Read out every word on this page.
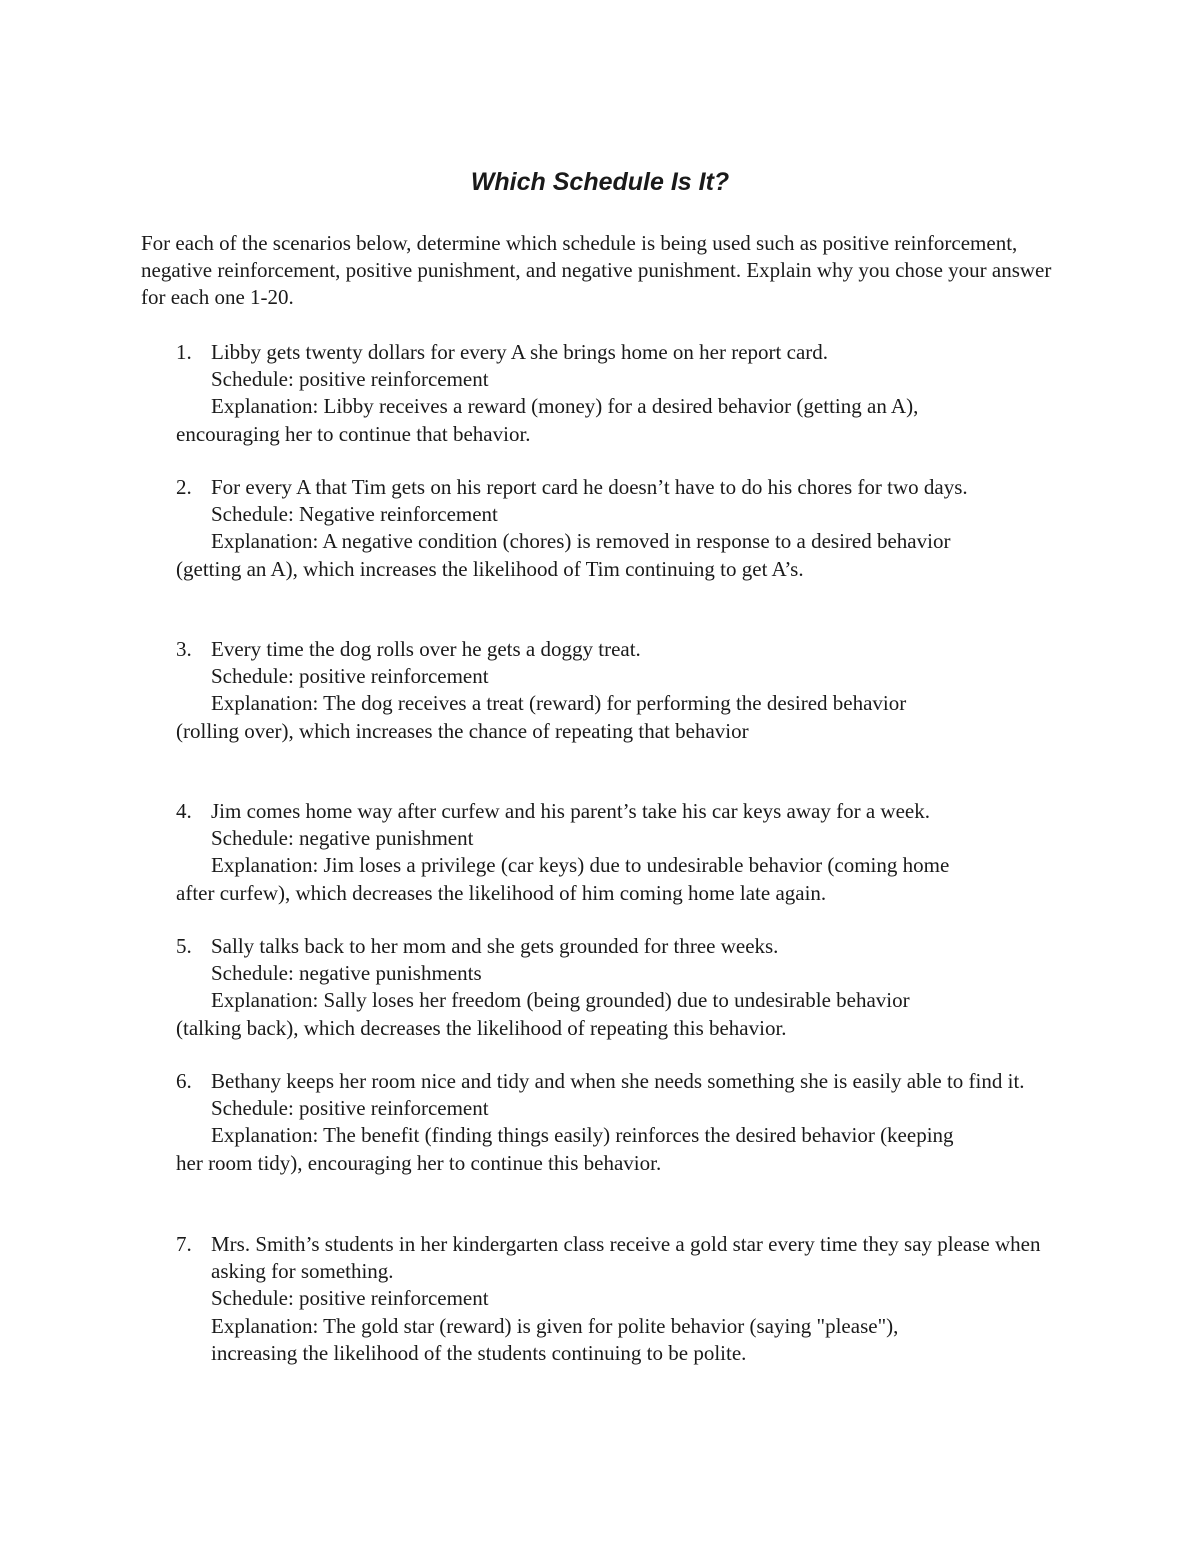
Which Schedule Is It?

For each of the scenarios below, determine which schedule is being used such as positive reinforcement, negative reinforcement, positive punishment, and negative punishment. Explain why you chose your answer for each one 1-20.

1. Libby gets twenty dollars for every A she brings home on her report card.
Schedule: positive reinforcement
Explanation: Libby receives a reward (money) for a desired behavior (getting an A),
encouraging her to continue that behavior.
2. For every A that Tim gets on his report card he doesn’t have to do his chores for two days.
Schedule: Negative reinforcement
Explanation: A negative condition (chores) is removed in response to a desired behavior
(getting an A), which increases the likelihood of Tim continuing to get A’s.
3. Every time the dog rolls over he gets a doggy treat.
Schedule: positive reinforcement
Explanation: The dog receives a treat (reward) for performing the desired behavior
(rolling over), which increases the chance of repeating that behavior
4. Jim comes home way after curfew and his parent’s take his car keys away for a week.
Schedule: negative punishment
Explanation: Jim loses a privilege (car keys) due to undesirable behavior (coming home
after curfew), which decreases the likelihood of him coming home late again.
5. Sally talks back to her mom and she gets grounded for three weeks.
Schedule: negative punishments
Explanation: Sally loses her freedom (being grounded) due to undesirable behavior
(talking back), which decreases the likelihood of repeating this behavior.
6. Bethany keeps her room nice and tidy and when she needs something she is easily able to find it.
Schedule: positive reinforcement
Explanation: The benefit (finding things easily) reinforces the desired behavior (keeping
her room tidy), encouraging her to continue this behavior.
7. Mrs. Smith’s students in her kindergarten class receive a gold star every time they say please when asking for something.
Schedule: positive reinforcement
Explanation: The gold star (reward) is given for polite behavior (saying "please"),
increasing the likelihood of the students continuing to be polite.
